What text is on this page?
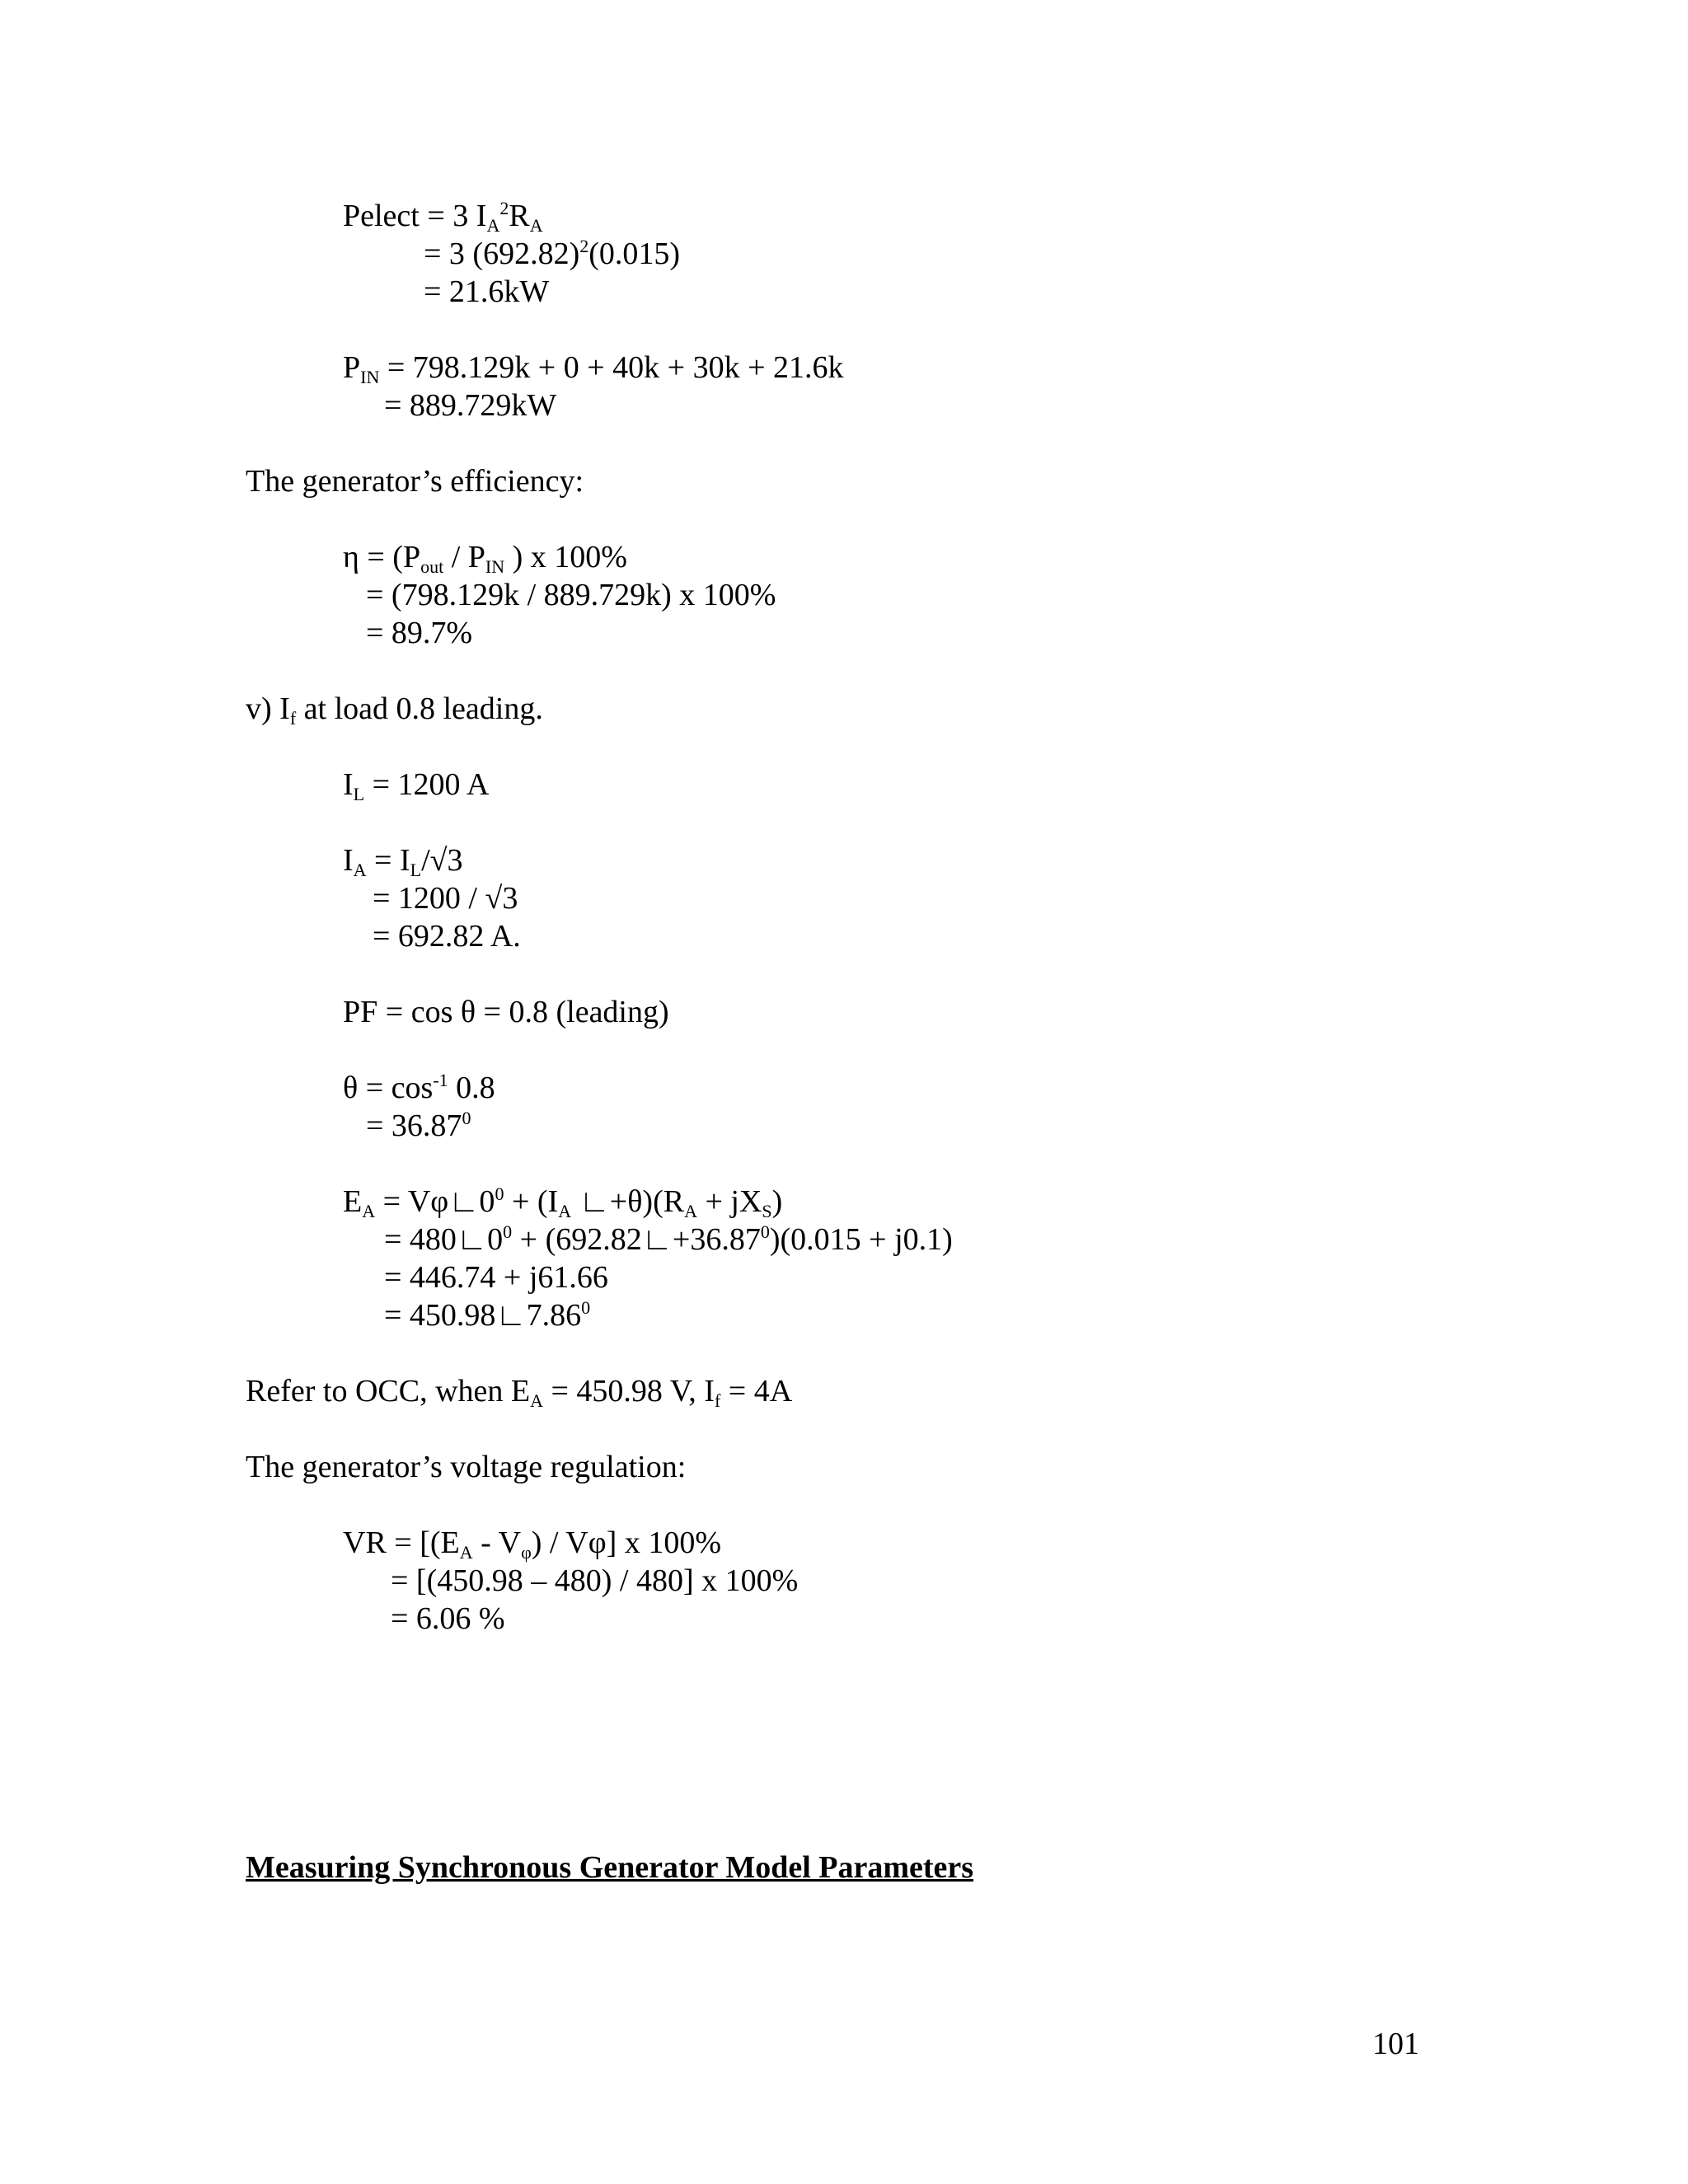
Pelect = 3 $I_A^2R_A$
= 3 $(692.82)^2(0.015)$
= 21.6kW
$P_{IN} = 798.129k + 0 + 40k + 30k + 21.6k$
= 889.729kW
The generator’s efficiency:
$\eta = (P_{out} / P_{IN}$ ) x 100%
= (798.129k / 889.729k) x 100%
= 89.7%
v) $I_f$ at load 0.8 leading.
$I_L = 1200$ A
$I_A = I_L/√3$
= 1200 / √3
= 692.82 A.
PF = cos θ = 0.8 (leading)
$\theta = \cos^{-1} 0.8$
= $36.87^0$
$E_A$ = $V\varphi∟0^0 + (I_A$ $∟+\theta)(R_A + jX_S)$
= $480∟0^0$ + $(692.82∟+36.87^0)(0.015 + j0.1)$
= 446.74 + j61.66
= $450.98∟7.86^0$
Refer to OCC, when $E_A = 450.98$ V, $I_f = 4A$
The generator’s voltage regulation:
VR = $[(E_A - V_\varphi) / V\varphi]$ x 100%
= [(450.98 – 480) / 480] x 100%
= 6.06 %
Measuring Synchronous Generator Model Parameters
101
